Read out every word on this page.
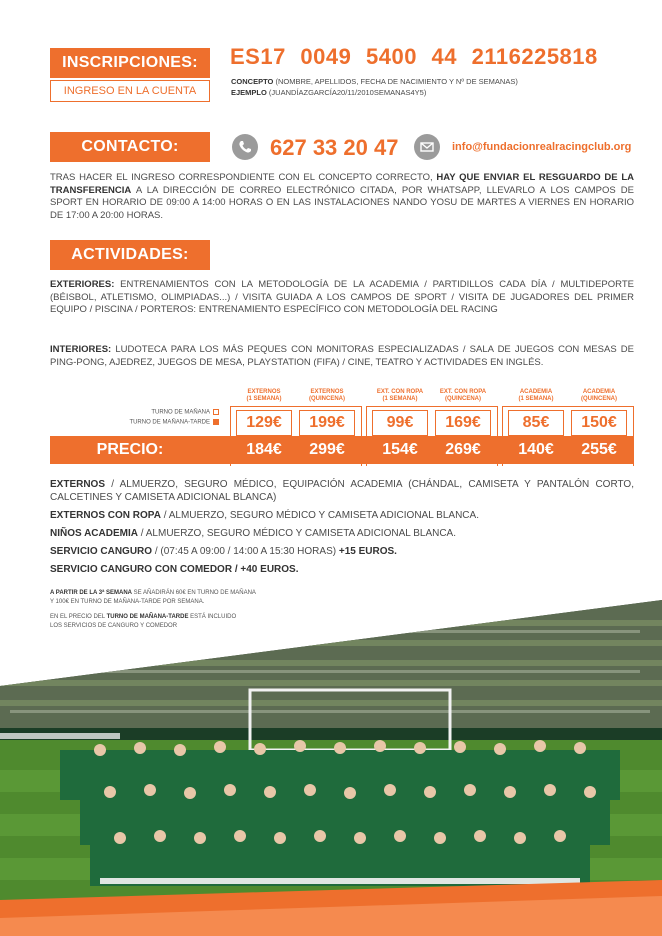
INSCRIPCIONES:
INGRESO EN LA CUENTA
ES17 0049 5400 44 2116225818
CONCEPTO (NOMBRE, APELLIDOS, FECHA DE NACIMIENTO Y Nº DE SEMANAS)
EJEMPLO (JUANDÍAZGARCÍA20/11/2010SEMANAS4Y5)
CONTACTO:	627 33 20 47	info@fundacionrealracingclub.org
TRAS HACER EL INGRESO CORRESPONDIENTE CON EL CONCEPTO CORRECTO, HAY QUE ENVIAR EL RESGUARDO DE LA TRANSFERENCIA A LA DIRECCIÓN DE CORREO ELECTRÓNICO CITADA, POR WHATSAPP, LLEVARLO A LOS CAMPOS DE SPORT EN HORARIO DE 09:00 A 14:00 HORAS O EN LAS INSTALACIONES NANDO YOSU DE MARTES A VIERNES EN HORARIO DE 17:00 A 20:00 HORAS.
ACTIVIDADES:
EXTERIORES: ENTRENAMIENTOS CON LA METODOLOGÍA DE LA ACADEMIA / PARTIDILLOS CADA DÍA / MULTIDEPORTE (BÉISBOL, ATLETISMO, OLIMPIADAS...) / VISITA GUIADA A LOS CAMPOS DE SPORT / VISITA DE JUGADORES DEL PRIMER EQUIPO / PISCINA / PORTEROS: ENTRENAMIENTO ESPECÍFICO CON METODOLOGÍA DEL RACING
INTERIORES: LUDOTECA PARA LOS MÁS PEQUES CON MONITORAS ESPECIALIZADAS / SALA DE JUEGOS CON MESAS DE PING-PONG, AJEDREZ, JUEGOS DE MESA, PLAYSTATION (FIFA) / CINE, TEATRO Y ACTIVIDADES EN INGLÉS.
TURNO DE MAÑANA
TURNO DE MAÑANA-TARDE
PRECIO:
EXTERNOS
(1 SEMANA)
129€
184€
EXTERNOS
(QUINCENA)
199€
299€
EXT. CON ROPA
(1 SEMANA)
99€
154€
EXT. CON ROPA
(QUINCENA)
169€
269€
ACADEMIA
(1 SEMANA)
85€
140€
ACADEMIA
(QUINCENA)
150€
255€
EXTERNOS / ALMUERZO, SEGURO MÉDICO, EQUIPACIÓN ACADEMIA (CHÁNDAL, CAMISETA Y PANTALÓN CORTO, CALCETINES Y CAMISETA ADICIONAL BLANCA)
EXTERNOS CON ROPA / ALMUERZO, SEGURO MÉDICO Y CAMISETA ADICIONAL BLANCA.
NIÑOS ACADEMIA / ALMUERZO, SEGURO MÉDICO Y CAMISETA ADICIONAL BLANCA.
SERVICIO CANGURO / (07:45 A 09:00 / 14:00 A 15:30 HORAS) +15 EUROS.
SERVICIO CANGURO CON COMEDOR / +40 EUROS.
A PARTIR DE LA 3ª SEMANA SE AÑADIRÁN 60€ EN TURNO DE MAÑANA
Y 100€ EN TURNO DE MAÑANA-TARDE POR SEMANA.
EN EL PRECIO DEL TURNO DE MAÑANA-TARDE ESTÁ INCLUIDO
LOS SERVICIOS DE CANGURO Y COMEDOR
